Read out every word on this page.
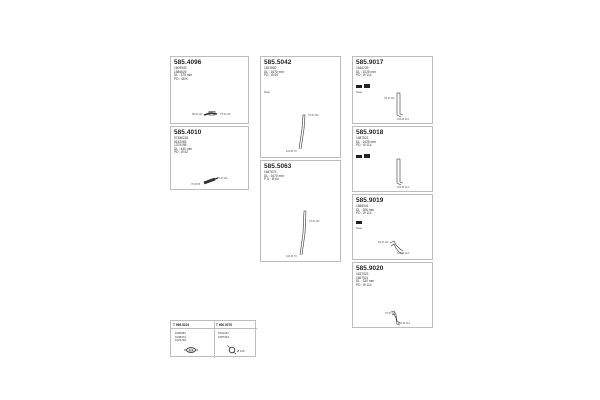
585.4096
1609549
1586625
DL : 575 mm
PD : 48 K
82 Ø 112	75 Ø 114
585.4010
97486218
8152065
1379198
DL : 440 mm
PD : Ø 52
75 Ø 114
76 Ø 65
585.5042
1823960
DL : 1670 mm
PD : Ø 64
Note
75 Ø 114
100 Ø 76
585.5063
1847673
DL : 1670 mm
P D : Ø 64
75 Ø 114
100 Ø 76
585.9017
1646239
DL : 1025 mm
PD : Ø 114
Note
75 Ø 114
100 Ø 114
585.9018
1687521
DL : 1025 mm
PD : Ø 114
100 Ø 114
585.9019
1586041
DL : 306 mm
PD : Ø 114
Note
60 Ø 114
100 Ø 114
585.9020
1637523
1667521
DL : 330 mm
PD : Ø 114
75 Ø 114
100 Ø 114
T 999.5224	T 600.9270
1684981
1638472
1622748
1591247
1587344
Ø 115
